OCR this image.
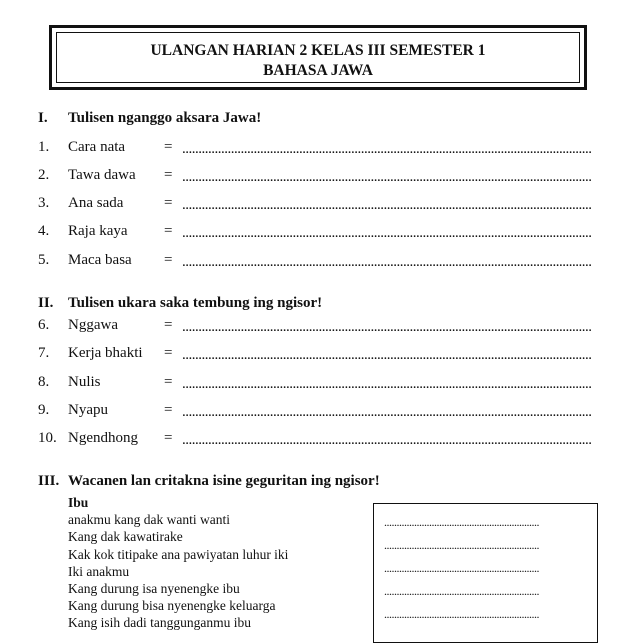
ULANGAN HARIAN 2 KELAS III SEMESTER 1
BAHASA JAWA
I.	Tulisen nganggo aksara Jawa!
1. Cara nata	= ..............................................................................................................................
2. Tawa dawa = ..............................................................................................................................
3. Ana sada	= ..............................................................................................................................
4. Raja kaya = ..............................................................................................................................
5. Maca basa = ..............................................................................................................................
II. Tulisen ukara saka tembung ing ngisor!
6. Nggawa	= ..............................................................................................................................
7. Kerja bhakti = ..............................................................................................................................
8. Nulis	= ..............................................................................................................................
9. Nyapu	= ..............................................................................................................................
10. Ngendhong = ..............................................................................................................................
III. Wacanen lan critakna isine geguritan ing ngisor!
Ibu
anakmu kang dak wanti wanti
Kang dak kawatirake
Kak kok titipake ana pawiyatan luhur iki
Iki anakmu
Kang durung isa nyenengke ibu
Kang durung bisa nyenengke keluarga
Kang isih dadi tanggunganmu ibu
..............................................................
..............................................................
..............................................................
..............................................................
..............................................................
